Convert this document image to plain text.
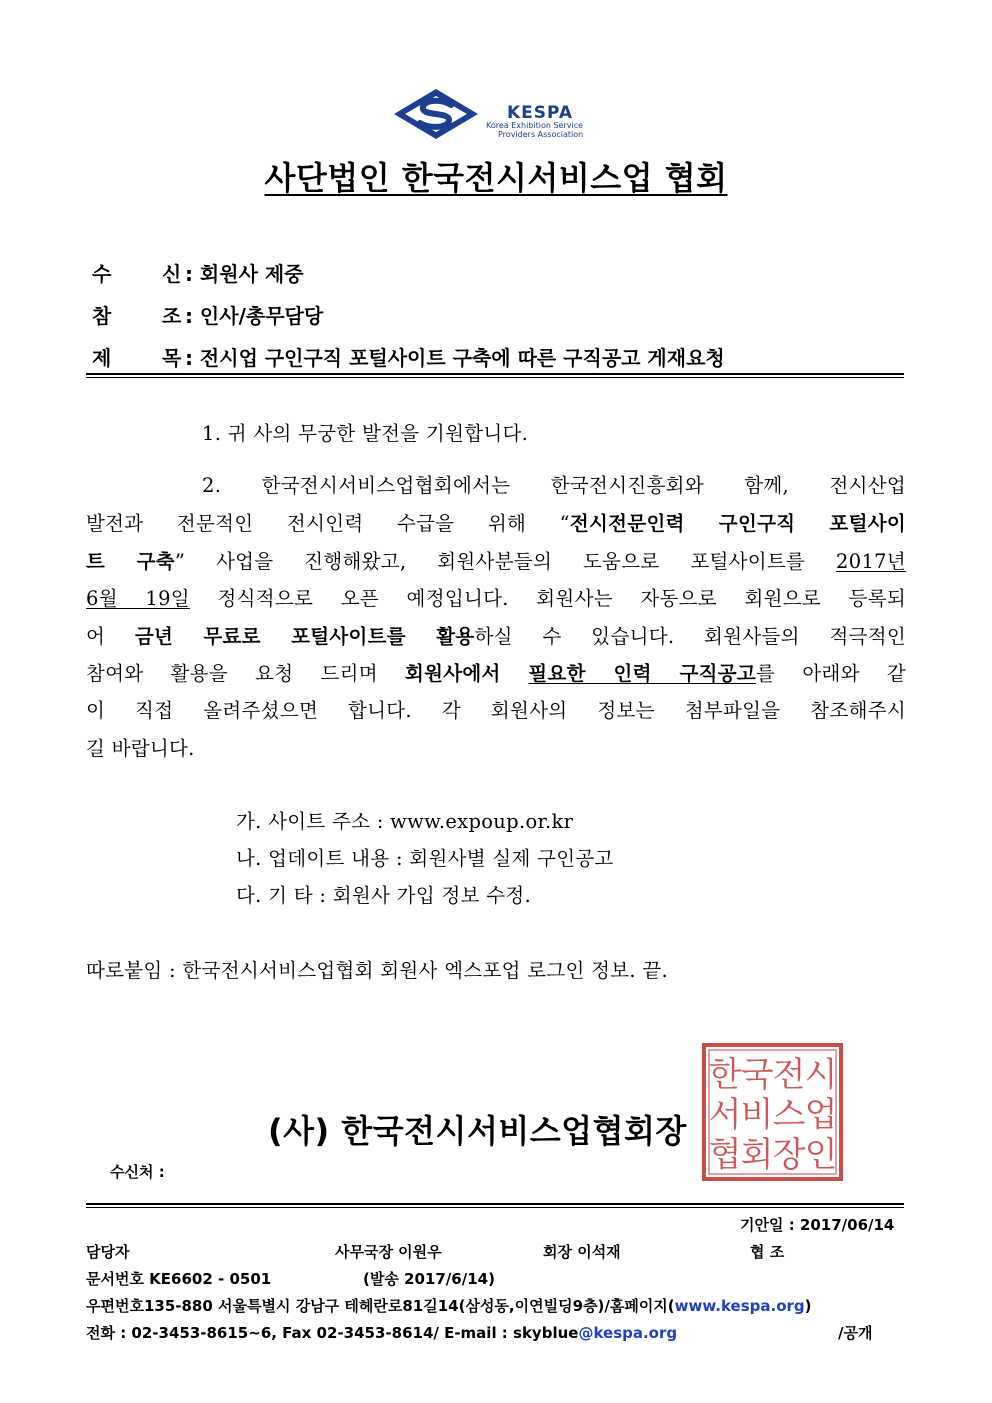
KESPA
Korea Exhibition Service
Providers Association
사단법인 한국전시서비스업 협회
수	신 : 회원사 제중
참	조 : 인사/총무담당
제	목 : 전시업 구인구직 포털사이트 구축에 따른 구직공고 게재요청
1. 귀 사의 무궁한 발전을 기원합니다.
2. 한국전시서비스업협회에서는 한국전시진흥회와 함께, 전시산업
발전과 전문적인 전시인력 수급을 위해 “전시전문인력 구인구직 포털사이
트 구축” 사업을 진행해왔고, 회원사분들의 도움으로 포털사이트를 2017년
6월 19일 정식적으로 오픈 예정입니다. 회원사는 자동으로 회원으로 등록되
어 금년 무료로 포털사이트를 활용하실 수 있습니다. 회원사들의 적극적인
참여와 활용을 요청 드리며 회원사에서 필요한 인력 구직공고를 아래와 같
이 직접 올려주셨으면 합니다. 각 회원사의 정보는 첨부파일을 참조해주시
길 바랍니다.
가. 사이트 주소 : www.expoup.or.kr
나. 업데이트 내용 : 회원사별 실제 구인공고
다. 기 타 : 회원사 가입 정보 수정.
따로붙임 : 한국전시서비스업협회 회원사 엑스포업 로그인 정보. 끝.
한 국 전 시
서 비 스 업
협 회 장 인
(사) 한국전시서비스업협회장
수신처 :
기안일 : 2017/06/14
담당자	사무국장 이원우	회장 이석재	협 조
문서번호 KE6602 - 0501	(발송 2017/6/14)
우편번호135-880 서울특별시 강남구 테헤란로81길14(삼성동,이연빌딩9층)/홈페이지(www.kespa.org)
전화 : 02-3453-8615~6, Fax 02-3453-8614/ E-mail : skyblue@kespa.org	/공개
